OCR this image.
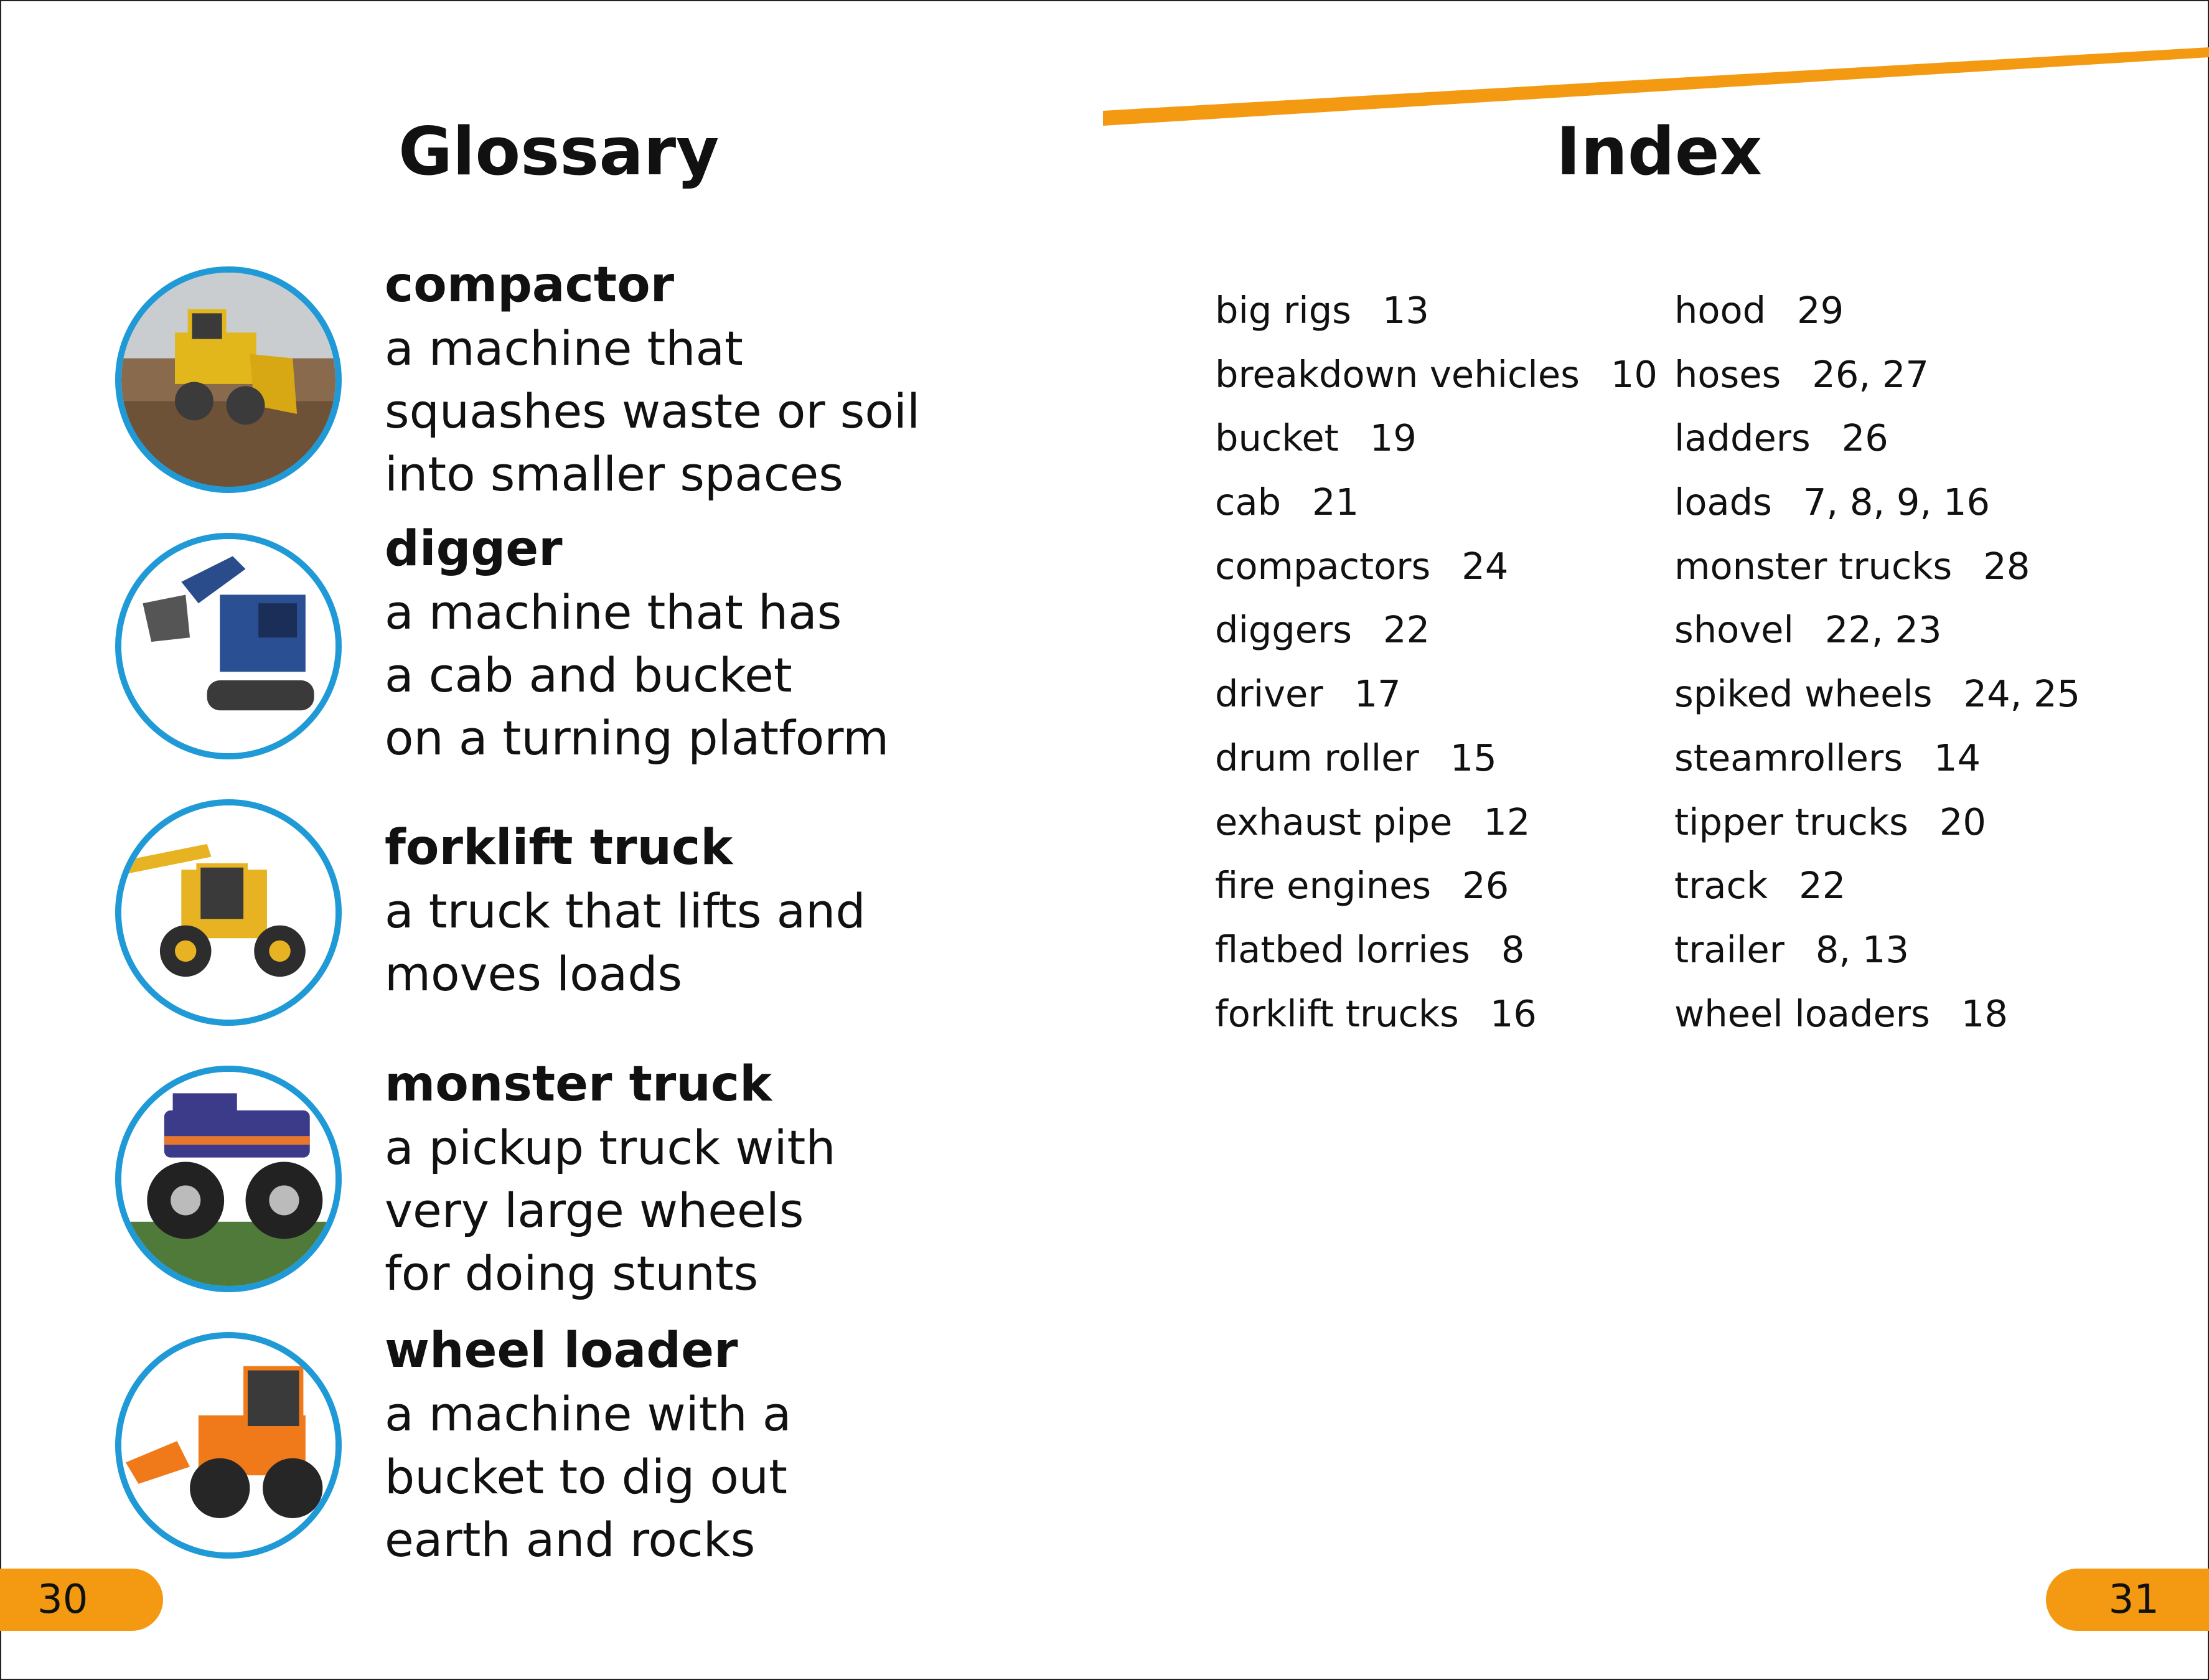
Glossary	Index
compactor
a machine that
squashes waste or soil
into smaller spaces
digger
a machine that has
a cab and bucket
on a turning platform
forklift truck
a truck that lifts and
moves loads
monster truck
a pickup truck with
very large wheels
for doing stunts
wheel loader
a machine with a
bucket to dig out
earth and rocks
big rigs 13
breakdown vehicles 10
bucket 19
cab 21
compactors 24
diggers 22
driver 17
drum roller 15
exhaust pipe 12
fire engines 26
flatbed lorries 8
forklift trucks 16
hood 29
hoses 26, 27
ladders 26
loads 7, 8, 9, 16
monster trucks 28
shovel 22, 23
spiked wheels 24, 25
steamrollers 14
tipper trucks 20
track 22
trailer 8, 13
wheel loaders 18
30	31
